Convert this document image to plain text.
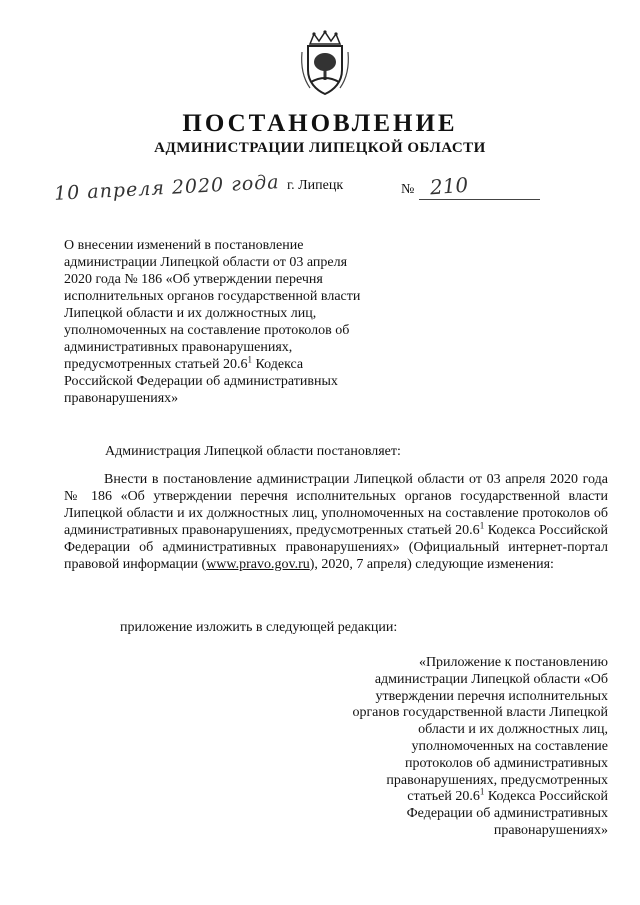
ПОСТАНОВЛЕНИЕ
АДМИНИСТРАЦИИ ЛИПЕЦКОЙ ОБЛАСТИ
10 апреля 2020 года г. Липецк	№ 210
О внесении изменений в постановление администрации Липецкой области от 03 апреля 2020 года № 186 «Об утверждении перечня исполнительных органов государственной власти Липецкой области и их должностных лиц, уполномоченных на составление протоколов об административных правонарушениях, предусмотренных статьей 20.6$^1$ Кодекса Российской Федерации об административных правонарушениях»
Администрация Липецкой области постановляет:
Внести в постановление администрации Липецкой области от 03 апреля 2020 года № 186 «Об утверждении перечня исполнительных органов государственной власти Липецкой области и их должностных лиц, уполномоченных на составление протоколов об административных правонарушениях, предусмотренных статьей 20.6$^1$ Кодекса Российской Федерации об административных правонарушениях» (Официальный интернет-портал правовой информации (www.pravo.gov.ru), 2020, 7 апреля) следующие изменения:
приложение изложить в следующей редакции:
«Приложение к постановлению администрации Липецкой области «Об утверждении перечня исполнительных органов государственной власти Липецкой области и их должностных лиц, уполномоченных на составление протоколов об административных правонарушениях, предусмотренных статьей 20.6$^1$ Кодекса Российской Федерации об административных правонарушениях»
